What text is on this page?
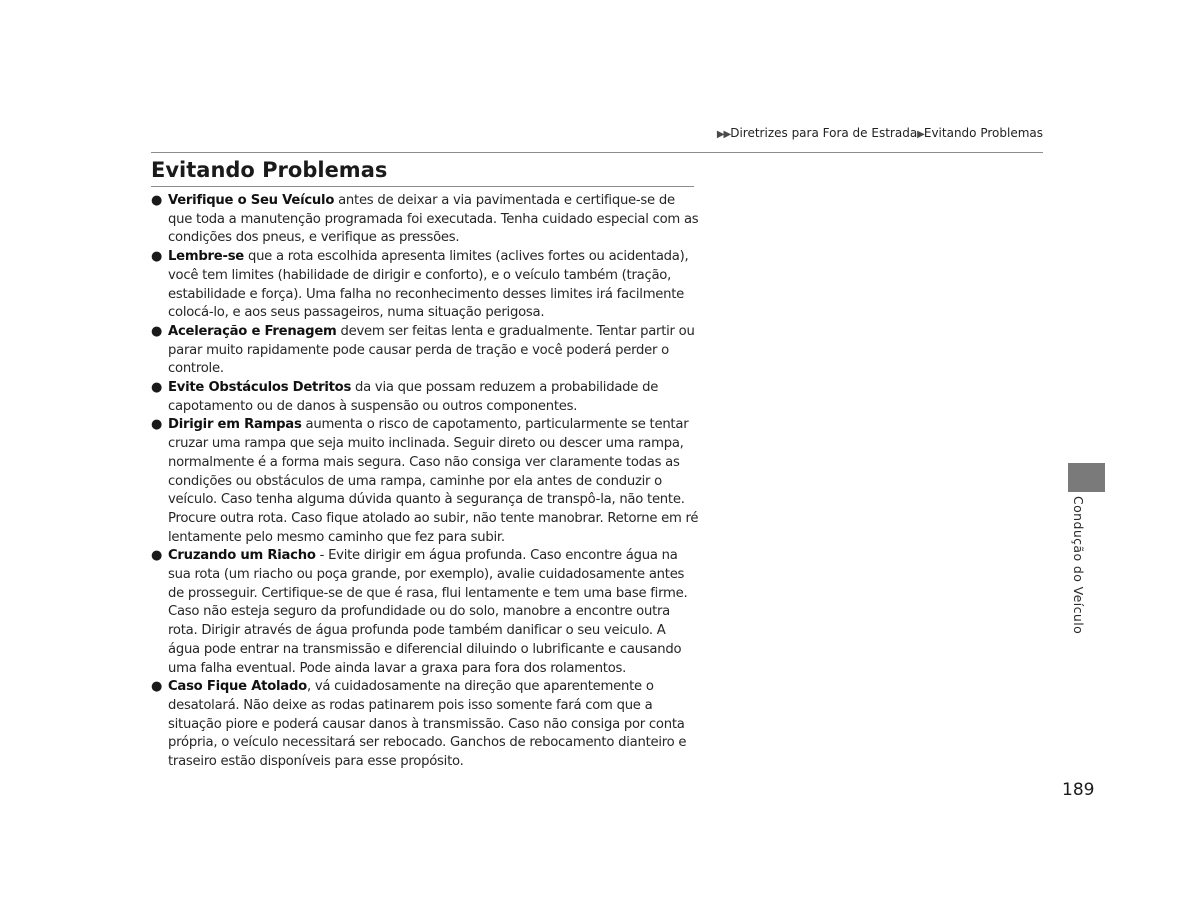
▶▶Diretrizes para Fora de Estrada▶Evitando Problemas
Evitando Problemas
● Verifique o Seu Veículo antes de deixar a via pavimentada e certifique-se de que toda a manutenção programada foi executada. Tenha cuidado especial com as condições dos pneus, e verifique as pressões.
● Lembre-se que a rota escolhida apresenta limites (aclives fortes ou acidentada), você tem limites (habilidade de dirigir e conforto), e o veículo também (tração, estabilidade e força). Uma falha no reconhecimento desses limites irá facilmente colocá-lo, e aos seus passageiros, numa situação perigosa.
● Aceleração e Frenagem devem ser feitas lenta e gradualmente. Tentar partir ou parar muito rapidamente pode causar perda de tração e você poderá perder o controle.
● Evite Obstáculos Detritos da via que possam reduzem a probabilidade de capotamento ou de danos à suspensão ou outros componentes.
● Dirigir em Rampas aumenta o risco de capotamento, particularmente se tentar cruzar uma rampa que seja muito inclinada. Seguir direto ou descer uma rampa, normalmente é a forma mais segura. Caso não consiga ver claramente todas as condições ou obstáculos de uma rampa, caminhe por ela antes de conduzir o veículo. Caso tenha alguma dúvida quanto à segurança de transpô-la, não tente. Procure outra rota. Caso fique atolado ao subir, não tente manobrar. Retorne em ré lentamente pelo mesmo caminho que fez para subir.
● Cruzando um Riacho - Evite dirigir em água profunda. Caso encontre água na sua rota (um riacho ou poça grande, por exemplo), avalie cuidadosamente antes de prosseguir. Certifique-se de que é rasa, flui lentamente e tem uma base firme. Caso não esteja seguro da profundidade ou do solo, manobre a encontre outra rota. Dirigir através de água profunda pode também danificar o seu veiculo. A água pode entrar na transmissão e diferencial diluindo o lubrificante e causando uma falha eventual. Pode ainda lavar a graxa para fora dos rolamentos.
● Caso Fique Atolado, vá cuidadosamente na direção que aparentemente o desatolará. Não deixe as rodas patinarem pois isso somente fará com que a situação piore e poderá causar danos à transmissão. Caso não consiga por conta própria, o veículo necessitará ser rebocado. Ganchos de rebocamento dianteiro e traseiro estão disponíveis para esse propósito.
Condução do Veículo
189
